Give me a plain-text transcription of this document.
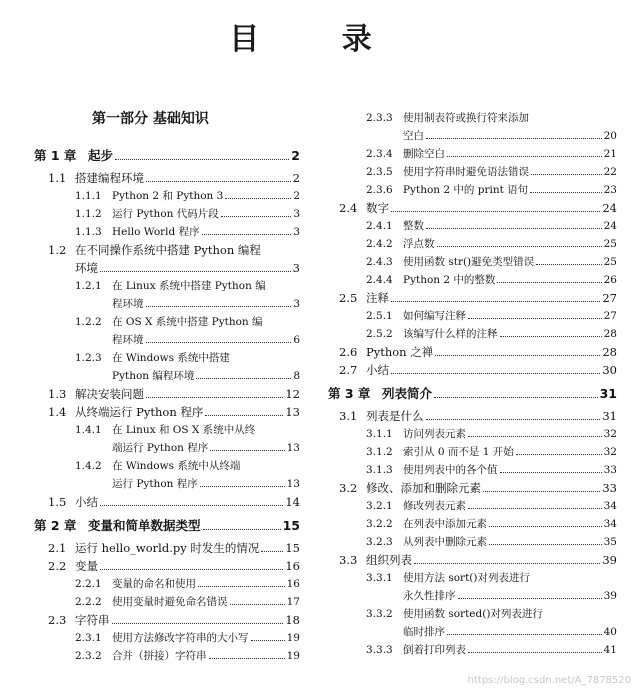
目 录
第一部分 基础知识
第 1 章 起步	2
1.1 搭建编程环境	2
1.1.1 Python 2 和 Python 3	2
1.1.2 运行 Python 代码片段	3
1.1.3 Hello World 程序	3
1.2 在不同操作系统中搭建 Python 编程
环境	3
1.2.1 在 Linux 系统中搭建 Python 编
程环境	3
1.2.2 在 OS X 系统中搭建 Python 编
程环境	6
1.2.3 在 Windows 系统中搭建
Python 编程环境	8
1.3 解决安装问题	12
1.4 从终端运行 Python 程序	13
1.4.1 在 Linux 和 OS X 系统中从终
端运行 Python 程序	13
1.4.2 在 Windows 系统中从终端
运行 Python 程序	13
1.5 小结	14
第 2 章 变量和简单数据类型	15
2.1 运行 hello_world.py 时发生的情况 15
2.2 变量	16
2.2.1 变量的命名和使用	16
2.2.2 使用变量时避免命名错误	17
2.3 字符串	18
2.3.1 使用方法修改字符串的大小写	19
2.3.2 合并（拼接）字符串	19
2.3.3 使用制表符或换行符来添加
空白	20
2.3.4 删除空白	21
2.3.5 使用字符串时避免语法错误	22
2.3.6 Python 2 中的 print 语句	23
2.4 数字	24
2.4.1 整数	24
2.4.2 浮点数	25
2.4.3 使用函数 str()避免类型错误	25
2.4.4 Python 2 中的整数	26
2.5 注释	27
2.5.1 如何编写注释	27
2.5.2 该编写什么样的注释	28
2.6 Python 之禅	28
2.7 小结	30
第 3 章 列表简介	31
3.1 列表是什么	31
3.1.1 访问列表元素	32
3.1.2 索引从 0 而不是 1 开始	32
3.1.3 使用列表中的各个值	33
3.2 修改、添加和删除元素	33
3.2.1 修改列表元素	34
3.2.2 在列表中添加元素	34
3.2.3 从列表中删除元素	35
3.3 组织列表	39
3.3.1 使用方法 sort()对列表进行
永久性排序	39
3.3.2 使用函数 sorted()对列表进行
临时排序	40
3.3.3 倒着打印列表	41
https://blog.csdn.net/A_7878520
